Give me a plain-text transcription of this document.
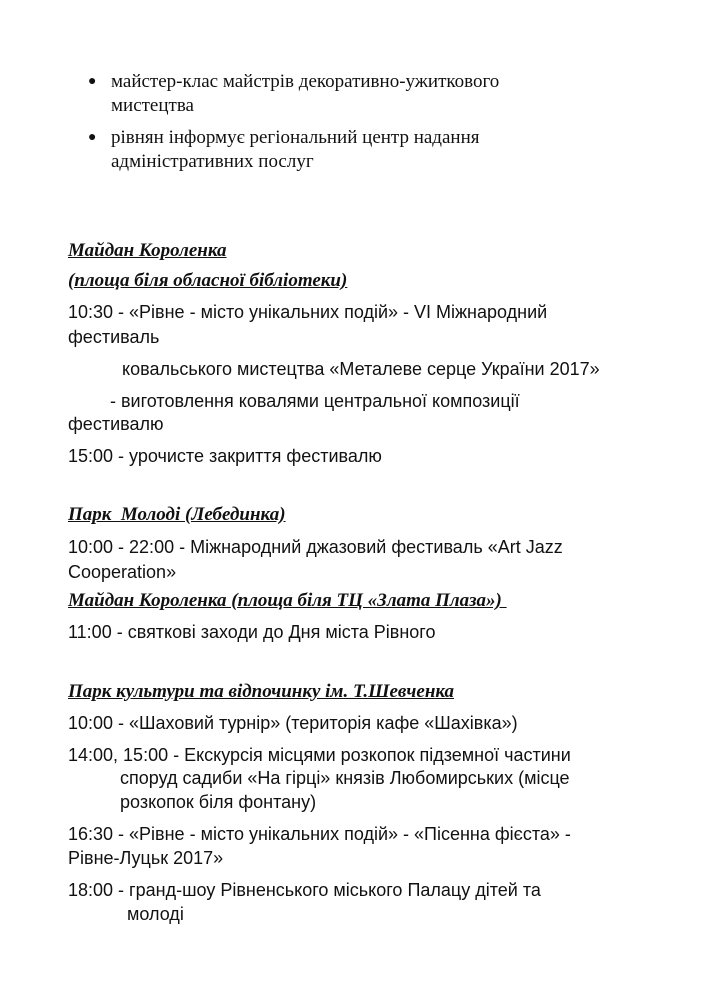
● майстер-клас майстрів декоративно-ужиткового
мистецтва
● рівнян інформує регіональний центр надання
адміністративних послуг
Майдан Короленка
(площа біля обласної бібліотеки)
10:30 - «Рівне - місто унікальних подій» - VI Міжнародний
фестиваль
ковальського мистецтва «Металеве серце України 2017»
- виготовлення ковалями центральної композиції
фестивалю
15:00 - урочисте закриття фестивалю
Парк  Молоді (Лебединка)
10:00 - 22:00 - Міжнародний джазовий фестиваль «Art Jazz
Cooperation»
Майдан Короленка (площа біля ТЦ «Злата Плаза»)
11:00 - святкові заходи до Дня міста Рівного
Парк культури та відпочинку ім. Т.Шевченка
10:00 - «Шаховий турнір» (територія кафе «Шахівка»)
14:00, 15:00 - Екскурсія місцями розкопок підземної частини
споруд садиби «На гірці» князів Любомирських (місце
розкопок біля фонтану)
16:30 - «Рівне - місто унікальних подій» - «Пісенна фієста» -
Рівне-Луцьк 2017»
18:00 - гранд-шоу Рівненського міського Палацу дітей та
молоді
